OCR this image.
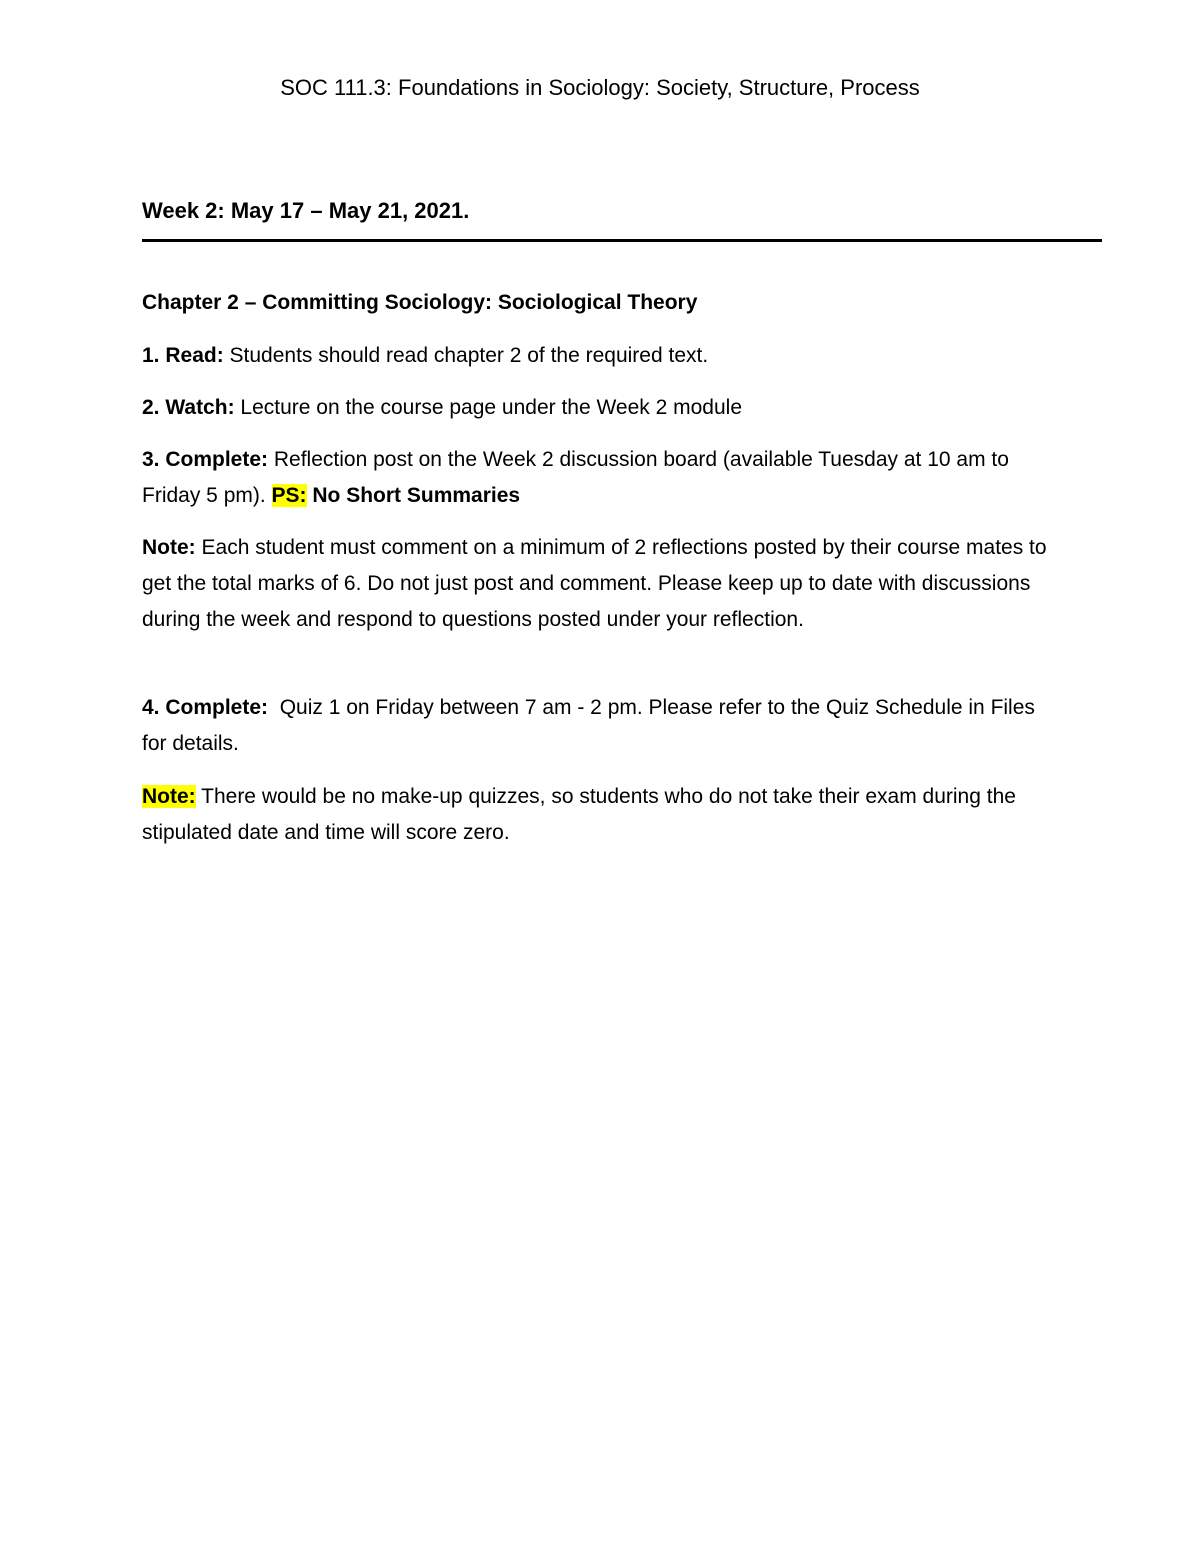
SOC 111.3: Foundations in Sociology: Society, Structure, Process
Week 2: May 17 – May 21, 2021.
Chapter 2 – Committing Sociology: Sociological Theory
1. Read: Students should read chapter 2 of the required text.
2. Watch: Lecture on the course page under the Week 2 module
3. Complete: Reflection post on the Week 2 discussion board (available Tuesday at 10 am to Friday 5 pm). PS: No Short Summaries
Note: Each student must comment on a minimum of 2 reflections posted by their course mates to get the total marks of 6. Do not just post and comment. Please keep up to date with discussions during the week and respond to questions posted under your reflection.
4. Complete:  Quiz 1 on Friday between 7 am - 2 pm. Please refer to the Quiz Schedule in Files for details.
Note: There would be no make-up quizzes, so students who do not take their exam during the stipulated date and time will score zero.
